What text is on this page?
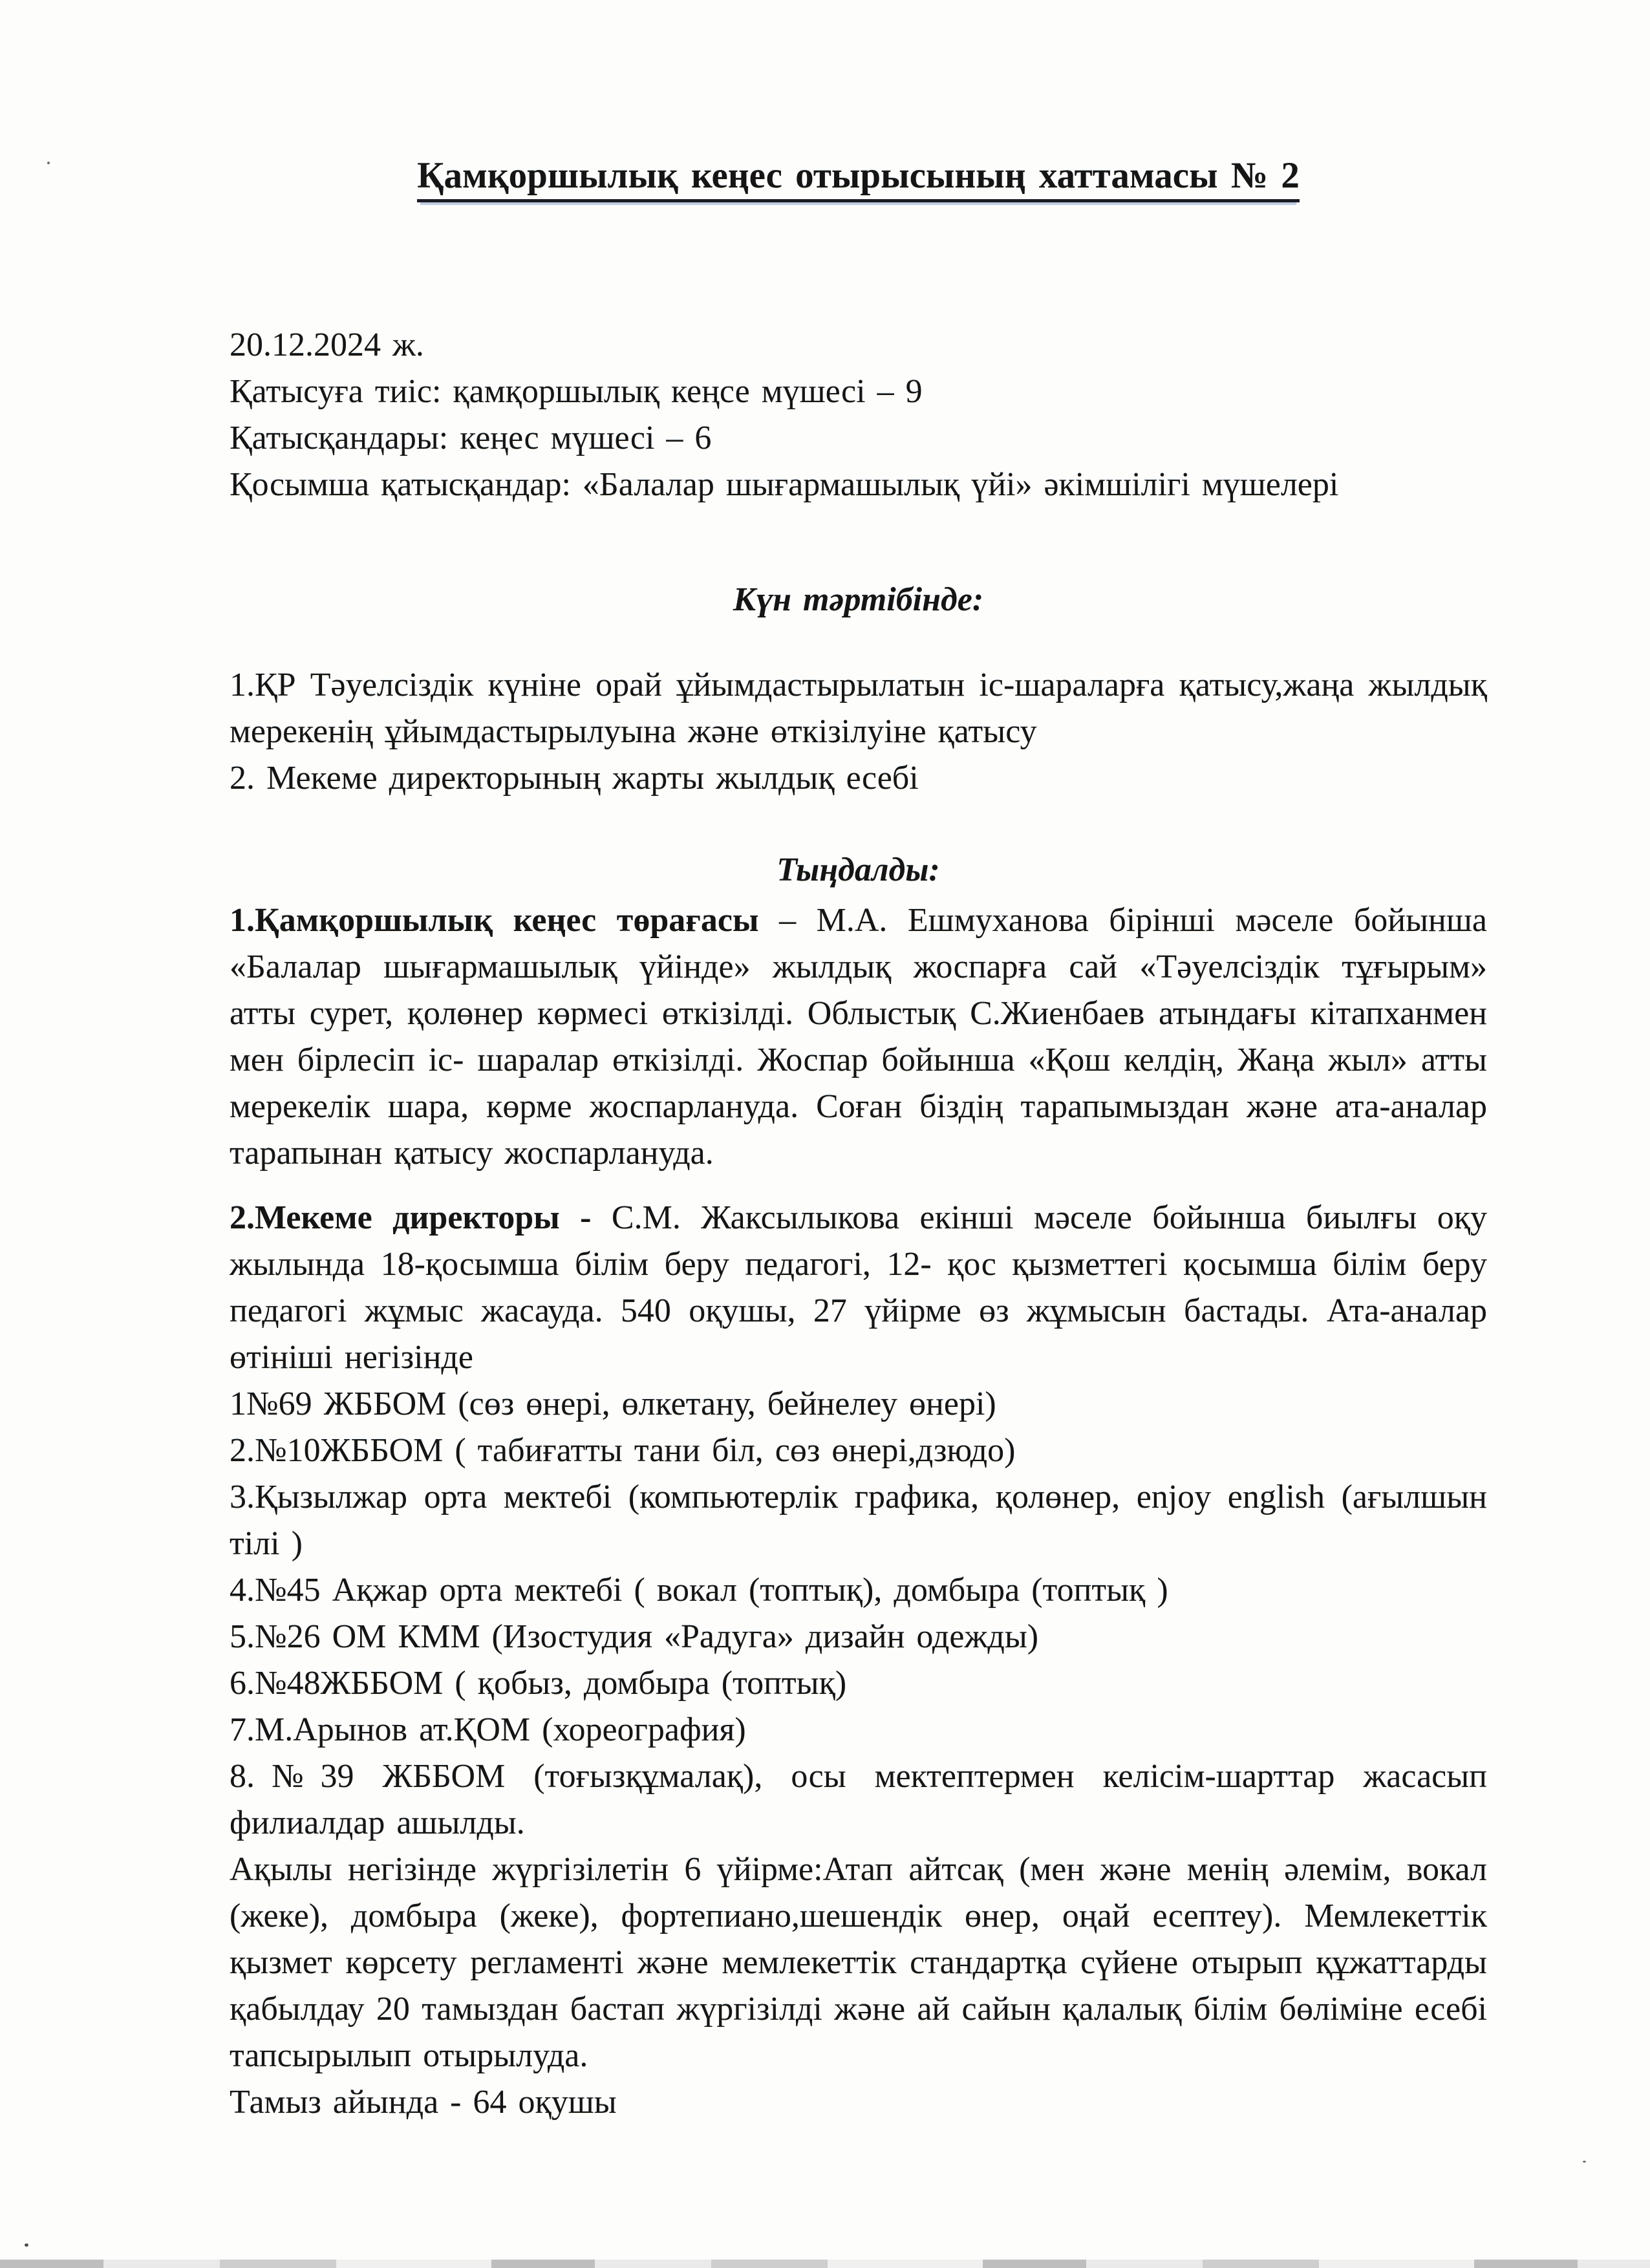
Қамқоршылық кеңес отырысының хаттамасы № 2
20.12.2024 ж.
Қатысуға тиіс: қамқоршылық кеңсе мүшесі – 9
Қатысқандары: кеңес мүшесі – 6
Қосымша қатысқандар: «Балалар шығармашылық үйі» әкімшілігі мүшелері
Күн тәртібінде:
1.ҚР Тәуелсіздік күніне орай ұйымдастырылатын іс-шараларға қатысу,жаңа жылдық мерекенің ұйымдастырылуына және өткізілуіне қатысу
2. Мекеме директорының жарты жылдық есебі
Тыңдалды:
1.Қамқоршылық кеңес төрағасы – М.А. Ешмуханова бірінші мәселе бойынша «Балалар шығармашылық үйінде» жылдық жоспарға сай «Тәуелсіздік тұғырым» атты сурет, қолөнер көрмесі өткізілді. Облыстық С.Жиенбаев атындағы кітапханмен мен бірлесіп іс- шаралар өткізілді. Жоспар бойынша «Қош келдің, Жаңа жыл» атты мерекелік шара, көрме жоспарлануда. Соған біздің тарапымыздан және ата-аналар тарапынан қатысу жоспарлануда.
2.Мекеме директоры - С.М. Жаксылыкова екінші мәселе бойынша биылғы оқу жылында 18-қосымша білім беру педагогі, 12- қос қызметтегі қосымша білім беру педагогі жұмыс жасауда. 540 оқушы, 27 үйірме өз жұмысын бастады. Ата-аналар өтініші негізінде
1№69 ЖББОМ (сөз өнері, өлкетану, бейнелеу өнері)
2.№10ЖББОМ ( табиғатты тани біл, сөз өнері,дзюдо)
3.Қызылжар орта мектебі (компьютерлік графика, қолөнер, enjoy english (ағылшын тілі )
4.№45 Ақжар орта мектебі ( вокал (топтық), домбыра (топтық )
5.№26 ОМ КММ (Изостудия «Радуга» дизайн одежды)
6.№48ЖББОМ ( қобыз, домбыра (топтық)
7.М.Арынов ат.ҚОМ (хореография)
8.№39 ЖББОМ (тоғызқұмалақ), осы мектептермен келісім-шарттар жасасып филиалдар ашылды.
Ақылы негізінде жүргізілетін 6 үйірме:Атап айтсақ (мен және менің әлемім, вокал (жеке), домбыра (жеке), фортепиано,шешендік өнер, оңай есептеу). Мемлекеттік қызмет көрсету регламенті және мемлекеттік стандартқа сүйене отырып құжаттарды қабылдау 20 тамыздан бастап жүргізілді және ай сайын қалалық білім бөліміне есебі тапсырылып отырылуда.
Тамыз айында - 64 оқушы
